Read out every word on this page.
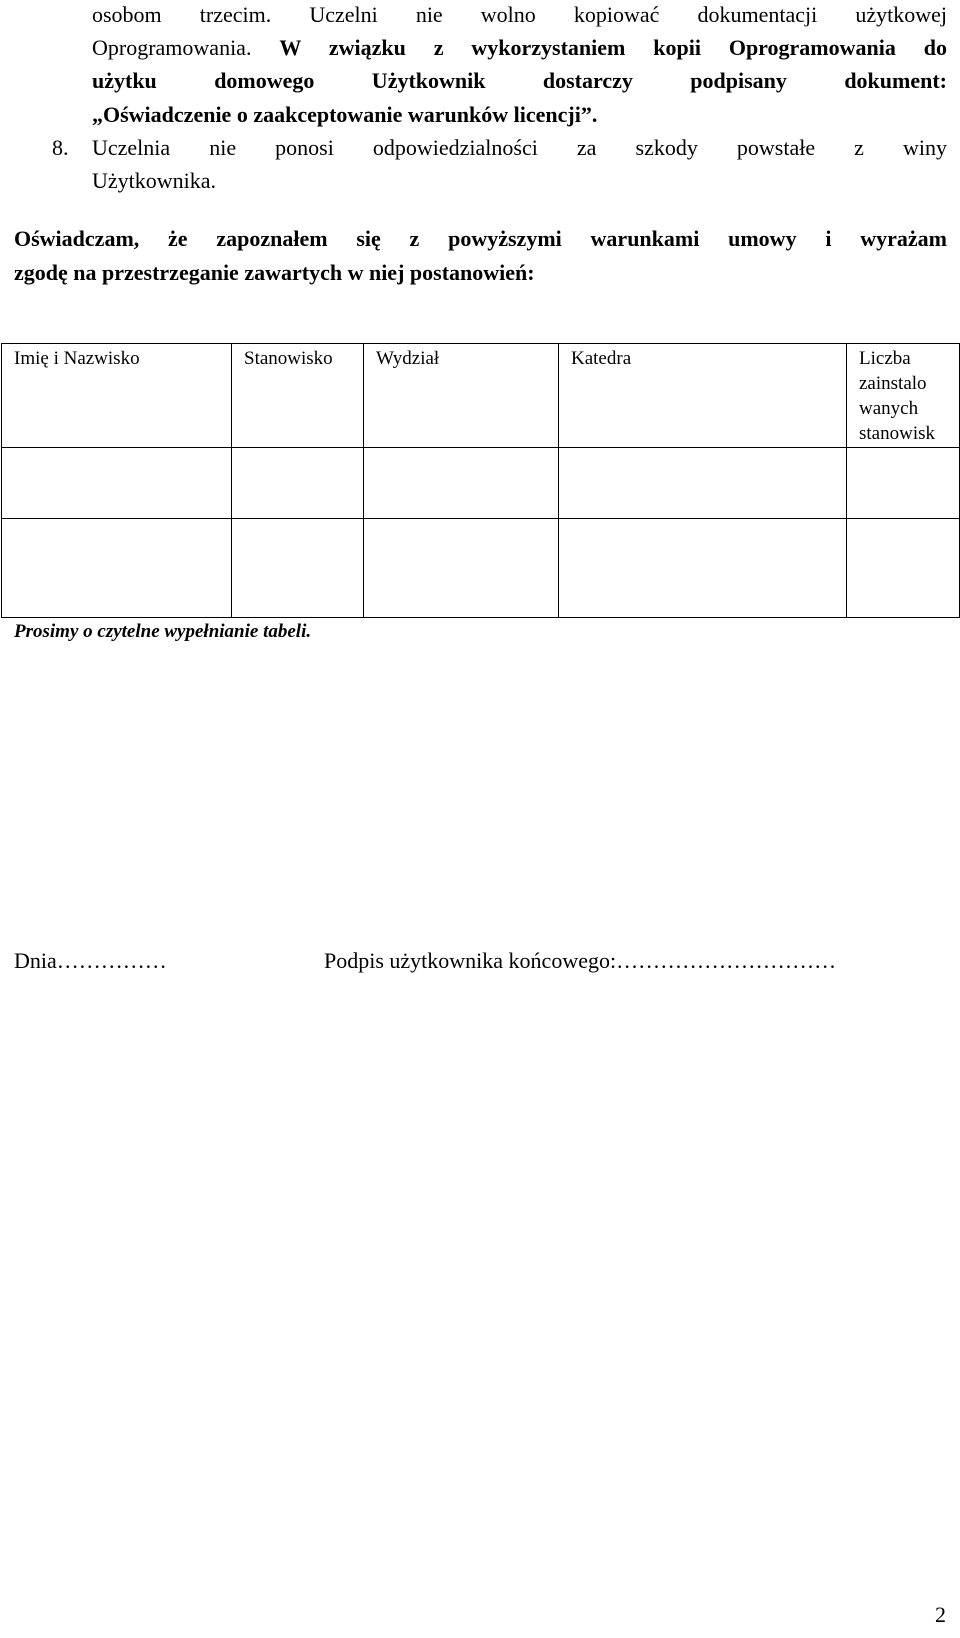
osobom trzecim. Uczelni nie wolno kopiować dokumentacji użytkowej
Oprogramowania. W związku z wykorzystaniem kopii Oprogramowania do
użytku domowego Użytkownik dostarczy podpisany dokument:
„Oświadczenie o zaakceptowanie warunków licencji”.
8. Uczelnia nie ponosi odpowiedzialności za szkody powstałe z winy
Użytkownika.
Oświadczam, że zapoznałem się z powyższymi warunkami umowy i wyrażam
zgodę na przestrzeganie zawartych w niej postanowień:
Imię i Nazwisko	Stanowisko	Wydział	Katedra	Liczba zainstalo wanych stanowisk

Prosimy o czytelne wypełnianie tabeli.
Dnia……………	Podpis użytkownika końcowego:…………………………
2
